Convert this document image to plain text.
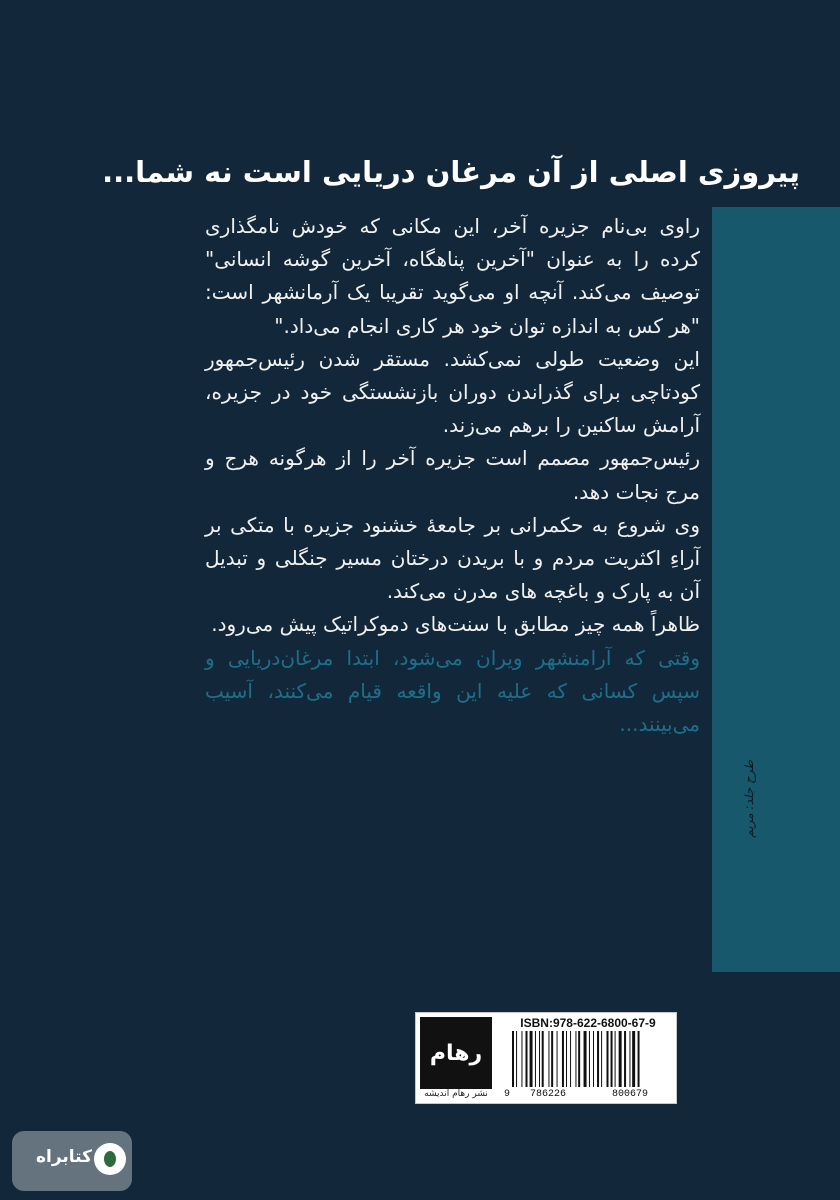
پیروزی اصلی از آن مرغان دریایی است نه شما...
طرح جلد: مریم

راوی بی‌نام جزیره آخر، این مکانی که خودش نامگذاری کرده را به عنوان "آخرین پناهگاه، آخرین گوشه انسانی" توصیف می‌کند. آنچه او می‌گوید تقریبا یک آرمانشهر است: "هر کس به اندازه توان خود هر کاری انجام می‌داد."

این وضعیت طولی نمی‌کشد. مستقر شدن رئیس‌جمهور کودتاچی برای گذراندن دوران بازنشستگی خود در جزیره، آرامش ساکنین را برهم می‌زند.

رئیس‌جمهور مصمم است جزیره آخر را از هرگونه هرج و مرج نجات دهد.

وی شروع به حکمرانی بر جامعهٔ خشنود جزیره با متکی بر آراءِ اکثریت مردم و با بریدن درختان مسیر جنگلی و تبدیل آن به پارک و باغچه های مدرن می‌کند.

ظاهراً همه چیز مطابق با سنت‌های دموکراتیک پیش می‌رود.

وقتی که آرامنشهر ویران می‌شود، ابتدا مرغان‌دریایی و سپس کسانی که علیه این واقعه قیام می‌کنند، آسیب می‌بینند...

رهام
نشر رهام اندیشه
ISBN:978-622-6800-67-9
9 786226	800679
کتابراه
